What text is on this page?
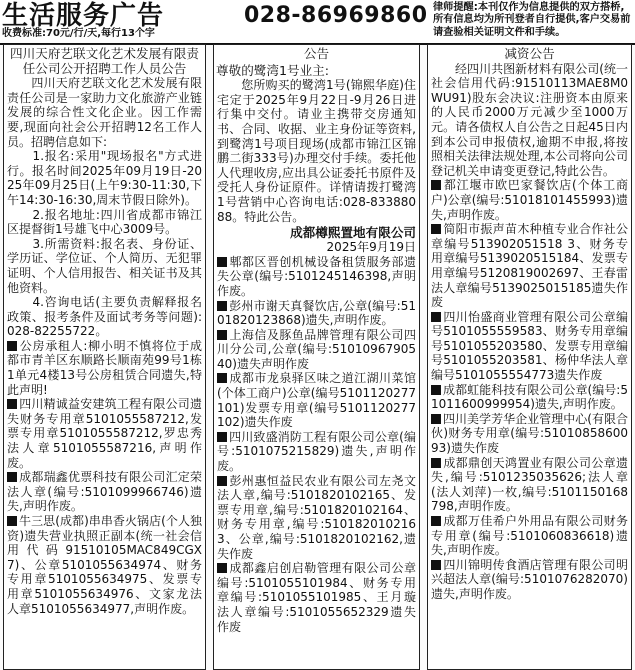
生活服务广告	028-86969860
收费标准:70元/行/天,每行13个字
律师提醒:本刊仅作为信息提供的双方搭桥,所有信息均为所刊登者自行提供,客户交易前请查验相关证明文件和手续。
四川天府艺联文化艺术发展有限责任公司公开招聘工作人员公告

　　四川天府艺联文化艺术发展有限责任公司是一家助力文化旅游产业链发展的综合性文化企业。因工作需要,现面向社会公开招聘12名工作人员。招聘信息如下:
　　1.报名:采用"现场报名"方式进行。报名时间2025年09月19日-2025年09月25日(上午9:30-11:30,下午14:30-16:30,周末节假日除外)。
　　2.报名地址:四川省成都市锦江区提督街1号雄飞中心3009号。
　　3.所需资料:报名表、身份证、学历证、学位证、个人简历、无犯罪证明、个人信用报告、相关证书及其他资料。
　　4.咨询电话(主要负责解释报名政策、报考条件及面试考务等问题):028-82255722。

公房承租人:柳小明不慎将位于成都市青羊区东顺路长顺南苑99号1栋1单元4楼13号公房租赁合同遗失,特此声明!
四川精诚益安建筑工程有限公司遗失财务专用章5101055587212,发票专用章5101055587212,罗忠秀法人章5101055587216,声明作废。
成都瑞鑫优票科技有限公司汇定荣法人章(编号:5101099966746)遗失,声明作废。
牛三思(成都)串串香火锅店(个人独资)遗失营业执照正副本(统一社会信用代码91510105MAC849CGX7)、公章5101055634974、财务专用章5101055634975、发票专用章5101055634976、文家龙法人章5101055634977,声明作废。
公告
尊敬的鹭湾1号业主:

　　您所购买的鹭湾1号(锦熙华庭)住宅定于2025年9月22日-9月26日进行集中交付。请业主携带交房通知书、合同、收据、业主身份证等资料,到鹭湾1号项目现场(成都市锦江区锦鹏二街333号)办理交付手续。委托他人代理收房,应出具公证委托书原件及受托人身份证原件。详情请拨打鹭湾1号营销中心咨询电话:028-83388088。特此公告。

成都樽熙置地有限公司
2025年9月19日
郫都区晋创机械设备租赁服务部遗失公章(编号:5101245146398,声明作废。
彭州市谢天真餐饮店,公章(编号:5101820123868)遗失,声明作废。
上海信及豚鱼品牌管理有限公司四川分公司,公章(编号:5101096790540)遗失声明作废
成都市龙泉驿区味之道江湖川菜馆(个体工商户)公章(编号5101120277101)发票专用章(编号5101120277102)遗失作废
四川致盛消防工程有限公司公章(编号:5101075215829)遗失,声明作废。
彭州惠恒益民农业有限公司左尧文法人章,编号:5101820102165、发票专用章,编号:5101820102164、财务专用章,编号:5101820102163、公章,编号:5101820102162,遗失作废
成都鑫启创启勒管理有限公司公章编号:5101055101984、财务专用章编号:5101055101985、王月璇法人章编号:5101055652329遗失作废
减资公告

　　经四川共图新材料有限公司(统一社会信用代码:91510113MAE8M0WU91)股东会决议:注册资本由原来的人民币2000万元减少至1000万元。请各债权人自公告之日起45日内到本公司申报债权,逾期不申报,将按照相关法律法规处理,本公司将向公司登记机关申请变更登记,特此公告。

都江堰市欧巴家餐饮店(个体工商户)公章(编号:51018101455993)遗失,声明作废。
简阳市振声苗木种植专业合作社公章编号513902051518 3、财务专用章编号5139020515184、发票专用章编号5120819002697、王春雷法人章编号5139025015185遗失作废
四川怡盛商业管理有限公司公章编号5101055559583、财务专用章编号5101055203580、发票专用章编号5101055203581、杨仲华法人章编号5101055554773遗失作废
成都虹能科技有限公司公章(编号:51011600999954)遗失,声明作废。
四川美学芳华企业管理中心(有限合伙)财务专用章(编号:5101085860093)遗失作废
成都鼎创天鸿置业有限公司公章遗失,编号:5101235035626;法人章(法人刘萍)一枚,编号:5101150168798,声明作废。
成都万佳希户外用品有限公司财务专用章(编号:5101060836618)遗失,声明作废。
四川锦明传食酒店管理有限公司明兴超法人章(编号:5101076282070)遗失,声明作废。
